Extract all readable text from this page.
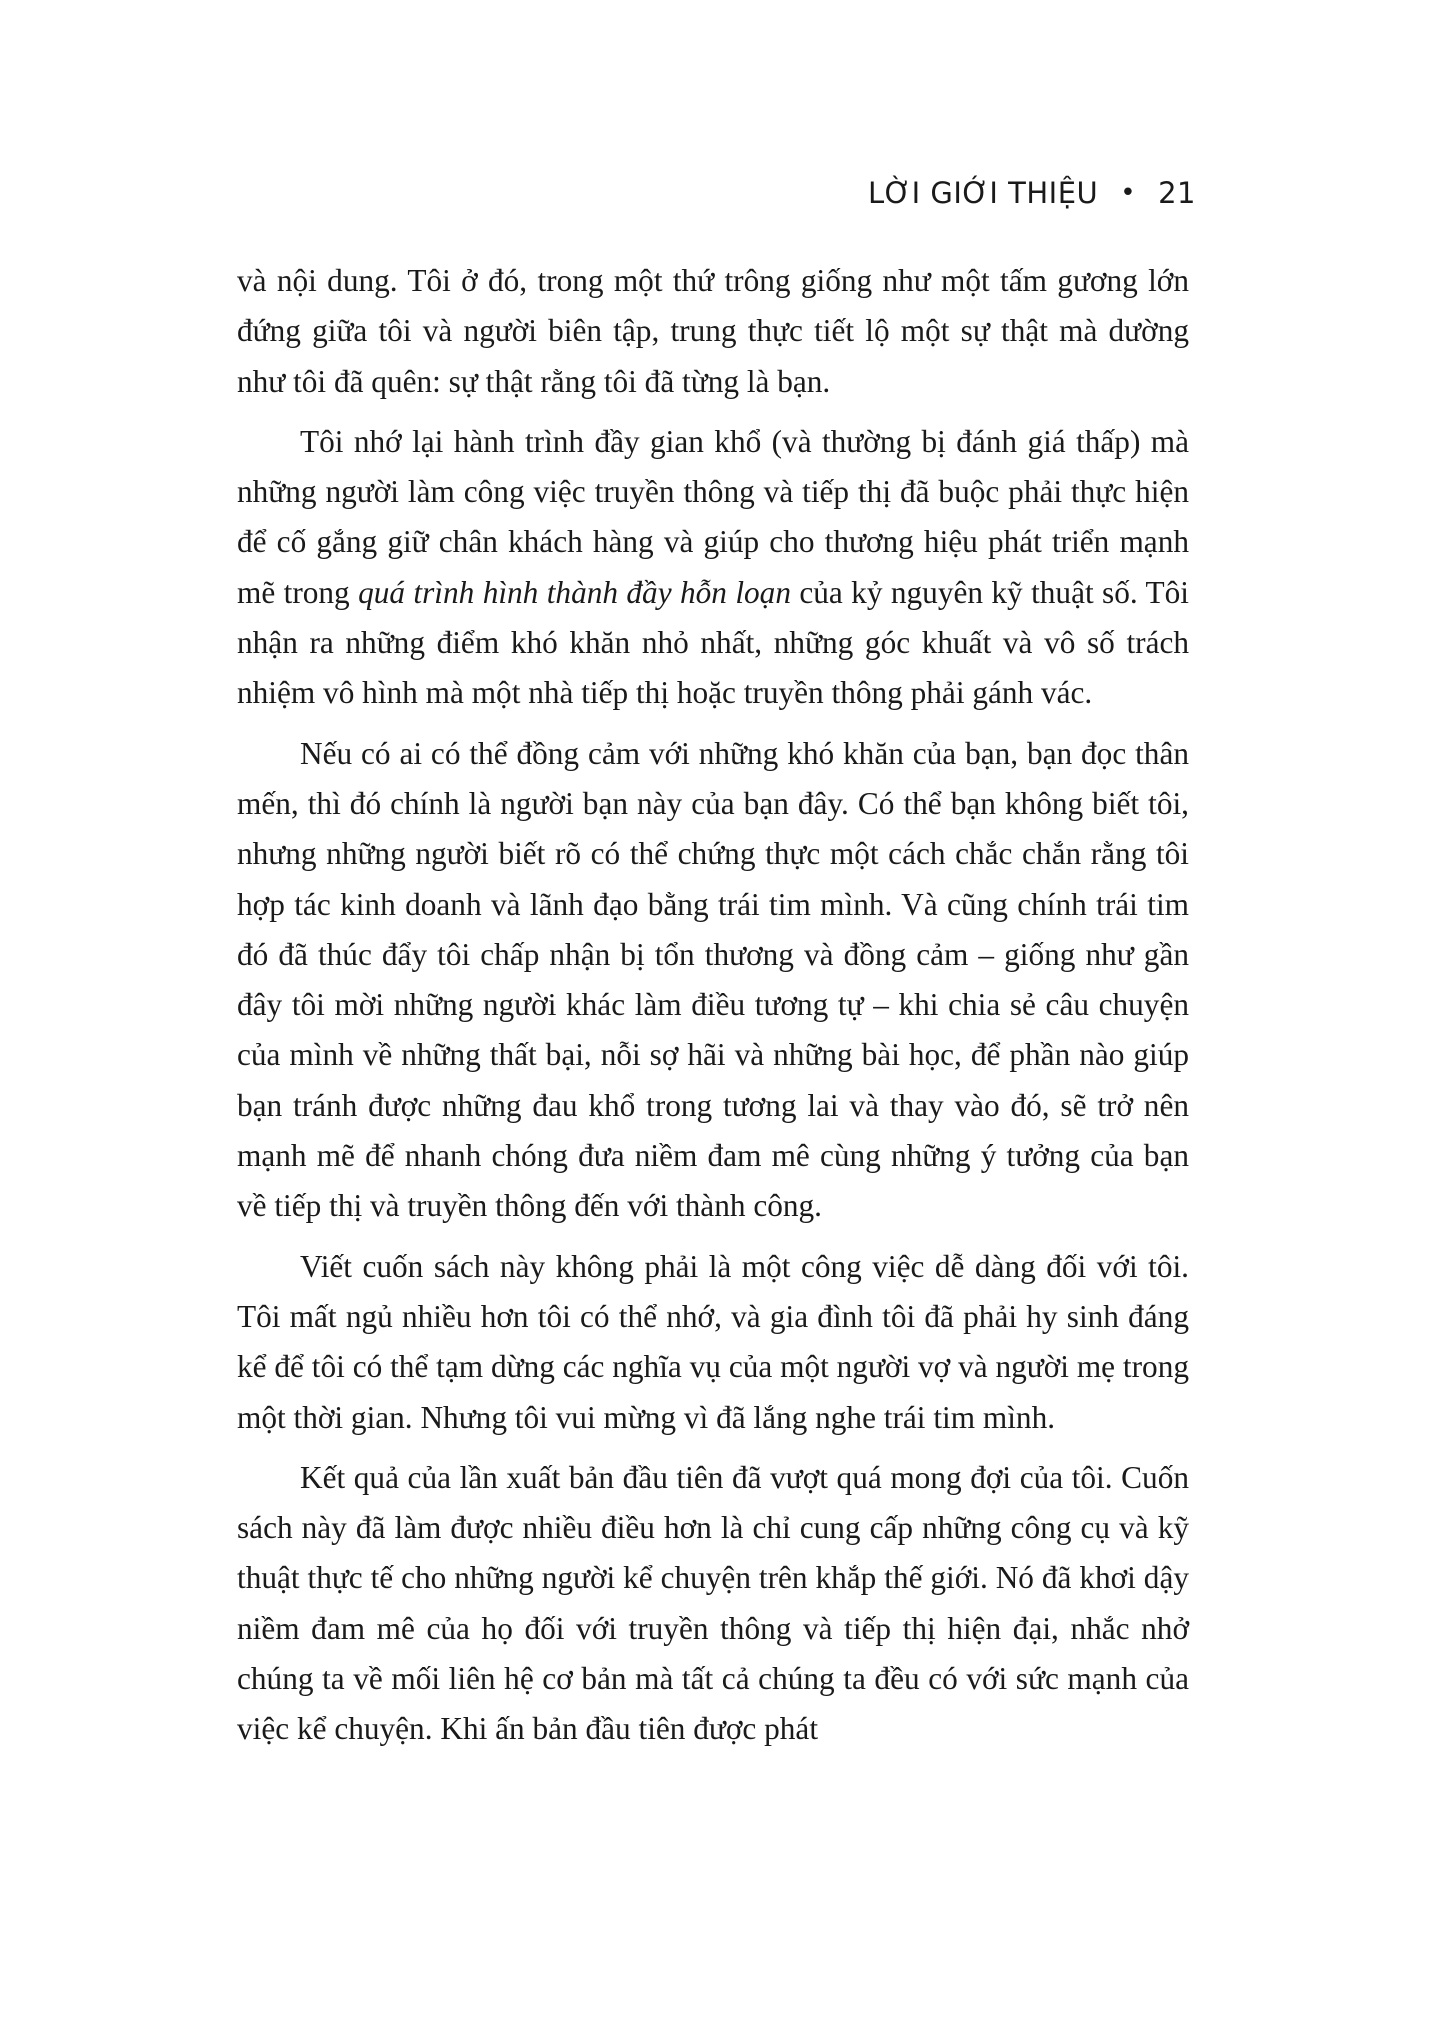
LỜI GIỚI THIỆU • 21

và nội dung. Tôi ở đó, trong một thứ trông giống như một tấm gương lớn đứng giữa tôi và người biên tập, trung thực tiết lộ một sự thật mà dường như tôi đã quên: sự thật rằng tôi đã từng là bạn.

Tôi nhớ lại hành trình đầy gian khổ (và thường bị đánh giá thấp) mà những người làm công việc truyền thông và tiếp thị đã buộc phải thực hiện để cố gắng giữ chân khách hàng và giúp cho thương hiệu phát triển mạnh mẽ trong quá trình hình thành đầy hỗn loạn của kỷ nguyên kỹ thuật số. Tôi nhận ra những điểm khó khăn nhỏ nhất, những góc khuất và vô số trách nhiệm vô hình mà một nhà tiếp thị hoặc truyền thông phải gánh vác.

Nếu có ai có thể đồng cảm với những khó khăn của bạn, bạn đọc thân mến, thì đó chính là người bạn này của bạn đây. Có thể bạn không biết tôi, nhưng những người biết rõ có thể chứng thực một cách chắc chắn rằng tôi hợp tác kinh doanh và lãnh đạo bằng trái tim mình. Và cũng chính trái tim đó đã thúc đẩy tôi chấp nhận bị tổn thương và đồng cảm – giống như gần đây tôi mời những người khác làm điều tương tự – khi chia sẻ câu chuyện của mình về những thất bại, nỗi sợ hãi và những bài học, để phần nào giúp bạn tránh được những đau khổ trong tương lai và thay vào đó, sẽ trở nên mạnh mẽ để nhanh chóng đưa niềm đam mê cùng những ý tưởng của bạn về tiếp thị và truyền thông đến với thành công.

Viết cuốn sách này không phải là một công việc dễ dàng đối với tôi. Tôi mất ngủ nhiều hơn tôi có thể nhớ, và gia đình tôi đã phải hy sinh đáng kể để tôi có thể tạm dừng các nghĩa vụ của một người vợ và người mẹ trong một thời gian. Nhưng tôi vui mừng vì đã lắng nghe trái tim mình.

Kết quả của lần xuất bản đầu tiên đã vượt quá mong đợi của tôi. Cuốn sách này đã làm được nhiều điều hơn là chỉ cung cấp những công cụ và kỹ thuật thực tế cho những người kể chuyện trên khắp thế giới. Nó đã khơi dậy niềm đam mê của họ đối với truyền thông và tiếp thị hiện đại, nhắc nhở chúng ta về mối liên hệ cơ bản mà tất cả chúng ta đều có với sức mạnh của việc kể chuyện. Khi ấn bản đầu tiên được phát
